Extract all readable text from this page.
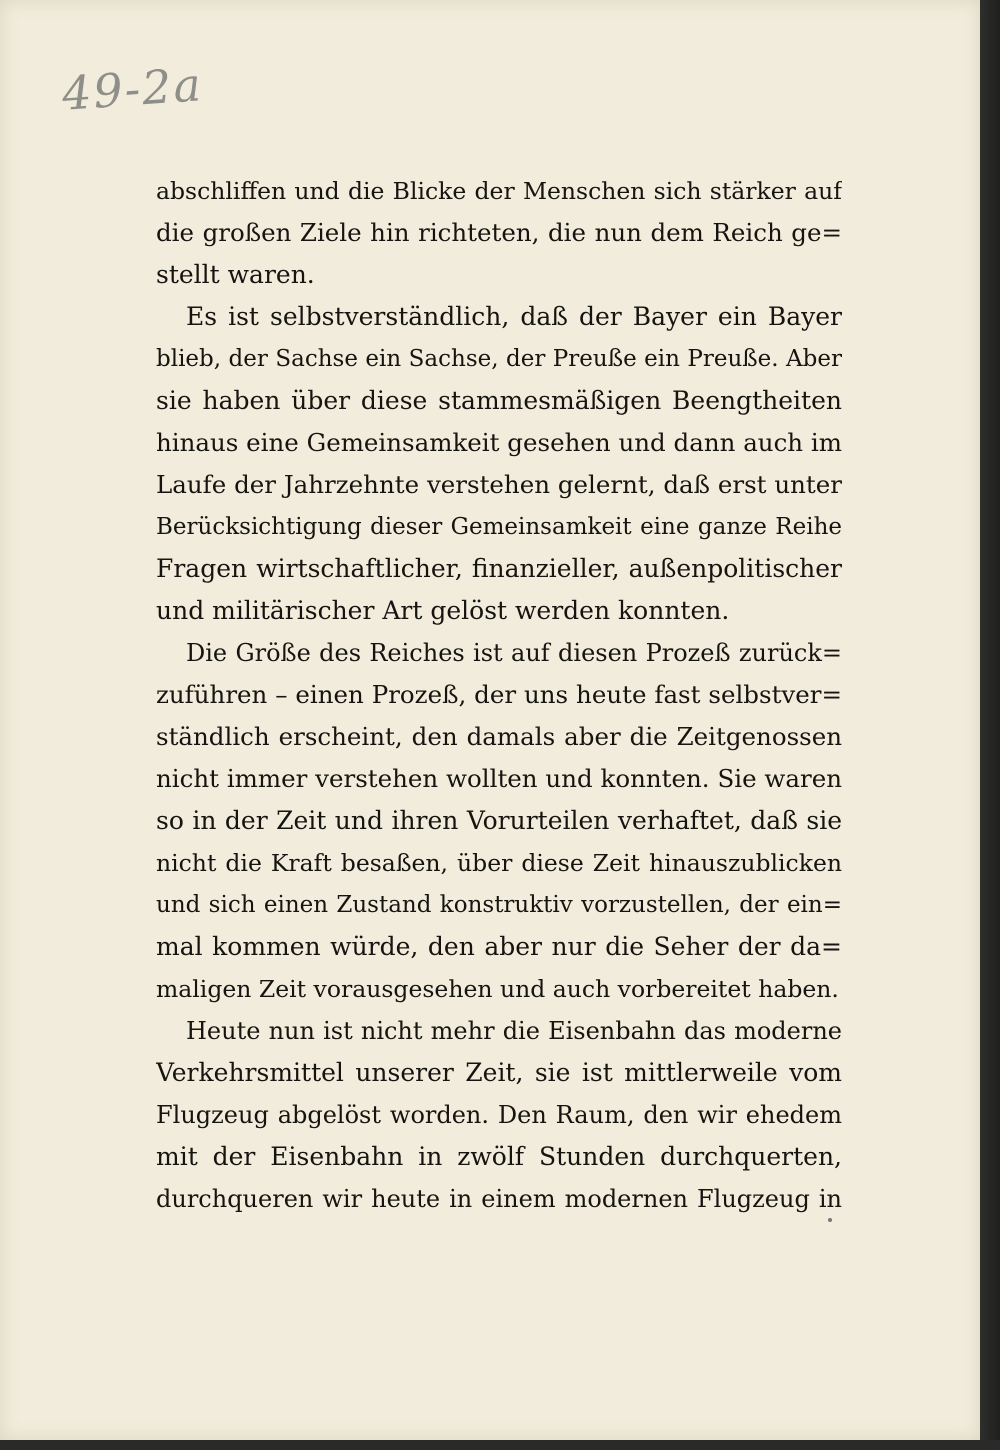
49-2a

abschliffen und die Blicke der Menschen sich stärker auf
die großen Ziele hin richteten, die nun dem Reich ge=
stellt waren.
Es ist selbstverständlich, daß der Bayer ein Bayer
blieb, der Sachse ein Sachse, der Preuße ein Preuße. Aber
sie haben über diese stammesmäßigen Beengtheiten
hinaus eine Gemeinsamkeit gesehen und dann auch im
Laufe der Jahrzehnte verstehen gelernt, daß erst unter
Berücksichtigung dieser Gemeinsamkeit eine ganze Reihe
Fragen wirtschaftlicher, finanzieller, außenpolitischer
und militärischer Art gelöst werden konnten.
Die Größe des Reiches ist auf diesen Prozeß zurück=
zuführen – einen Prozeß, der uns heute fast selbstver=
ständlich erscheint, den damals aber die Zeitgenossen
nicht immer verstehen wollten und konnten. Sie waren
so in der Zeit und ihren Vorurteilen verhaftet, daß sie
nicht die Kraft besaßen, über diese Zeit hinauszublicken
und sich einen Zustand konstruktiv vorzustellen, der ein=
mal kommen würde, den aber nur die Seher der da=
maligen Zeit vorausgesehen und auch vorbereitet haben.
Heute nun ist nicht mehr die Eisenbahn das moderne
Verkehrsmittel unserer Zeit, sie ist mittlerweile vom
Flugzeug abgelöst worden. Den Raum, den wir ehedem
mit der Eisenbahn in zwölf Stunden durchquerten,
durchqueren wir heute in einem modernen Flugzeug in
